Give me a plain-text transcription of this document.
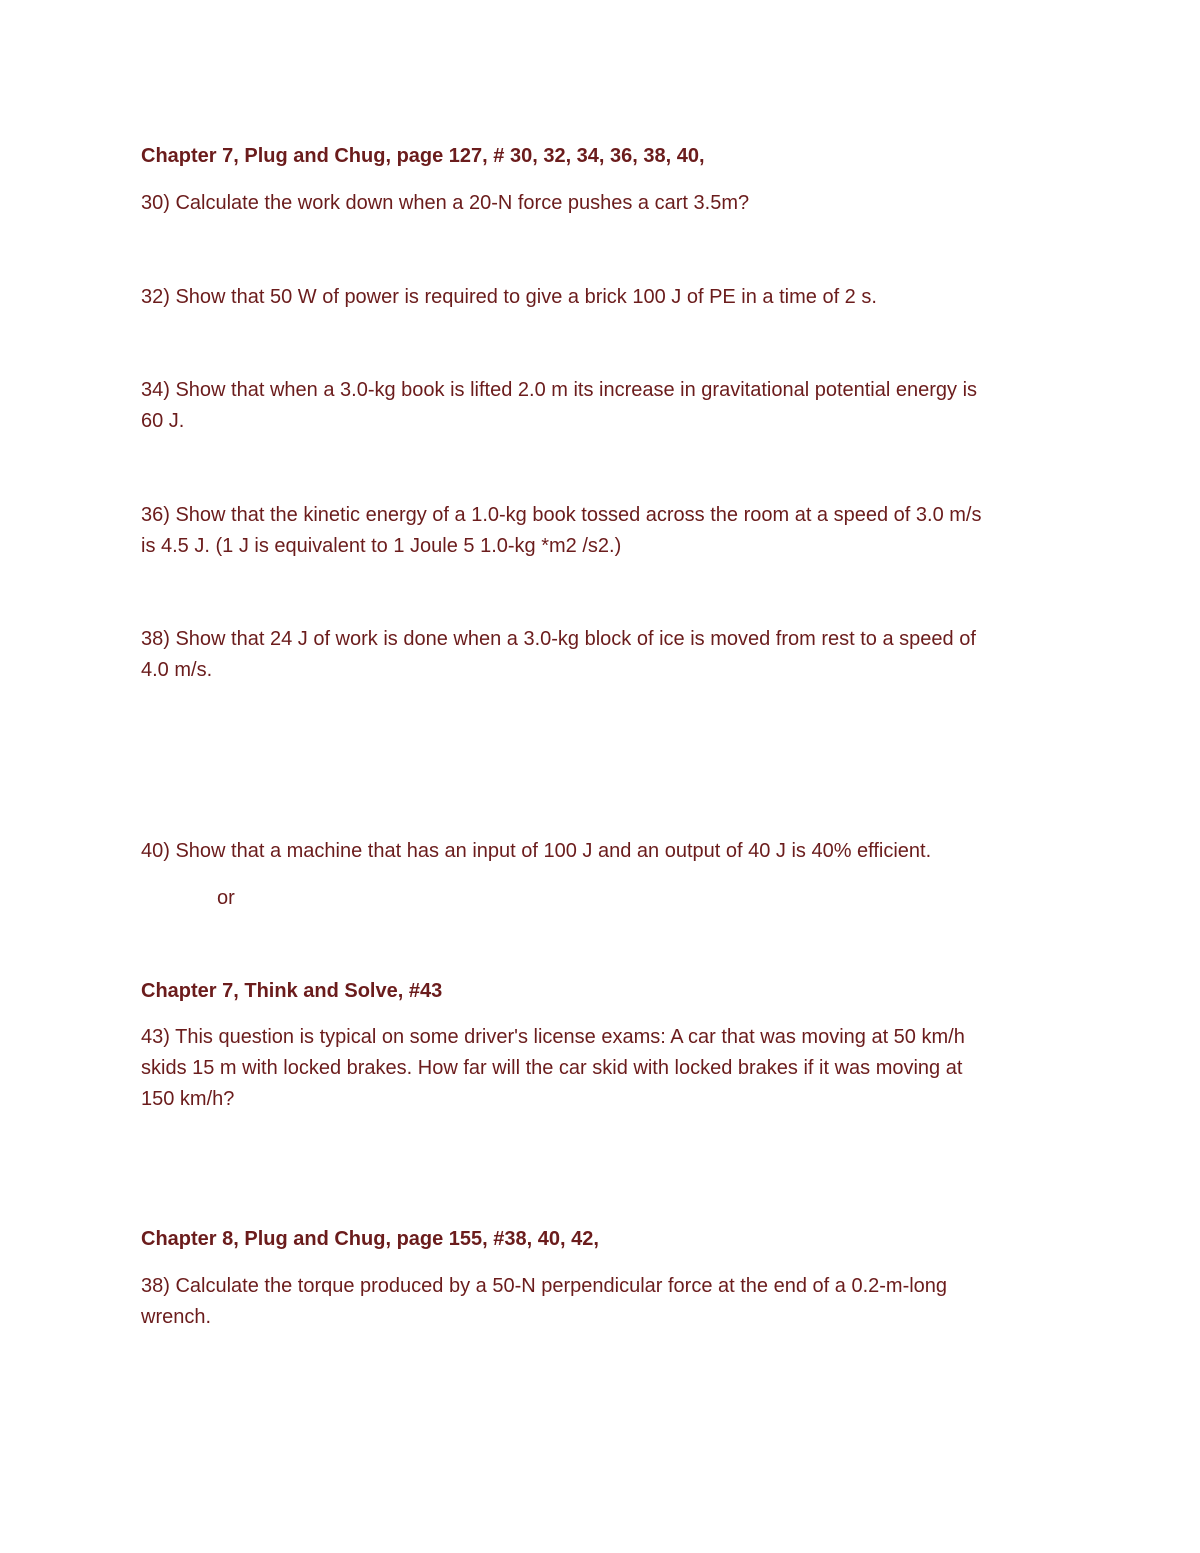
Chapter 7, Plug and Chug, page 127, # 30, 32, 34, 36, 38, 40,

30) Calculate the work down when a 20-N force pushes a cart 3.5m?

32) Show that 50 W of power is required to give a brick 100 J of PE in a time of 2 s.

34) Show that when a 3.0-kg book is lifted 2.0 m its increase in gravitational potential energy is

60 J.

36) Show that the kinetic energy of a 1.0-kg book tossed across the room at a speed of 3.0 m/s

is 4.5 J. (1 J is equivalent to 1 Joule 5 1.0-kg *m2 /s2.)

38) Show that 24 J of work is done when a 3.0-kg block of ice is moved from rest to a speed of

4.0 m/s.

40) Show that a machine that has an input of 100 J and an output of 40 J is 40% efficient.

or

Chapter 7, Think and Solve, #43

43) This question is typical on some driver's license exams: A car that was moving at 50 km/h

skids 15 m with locked brakes. How far will the car skid with locked brakes if it was moving at

150 km/h?

Chapter 8, Plug and Chug, page 155, #38, 40, 42,

38) Calculate the torque produced by a 50-N perpendicular force at the end of a 0.2-m-long

wrench.
